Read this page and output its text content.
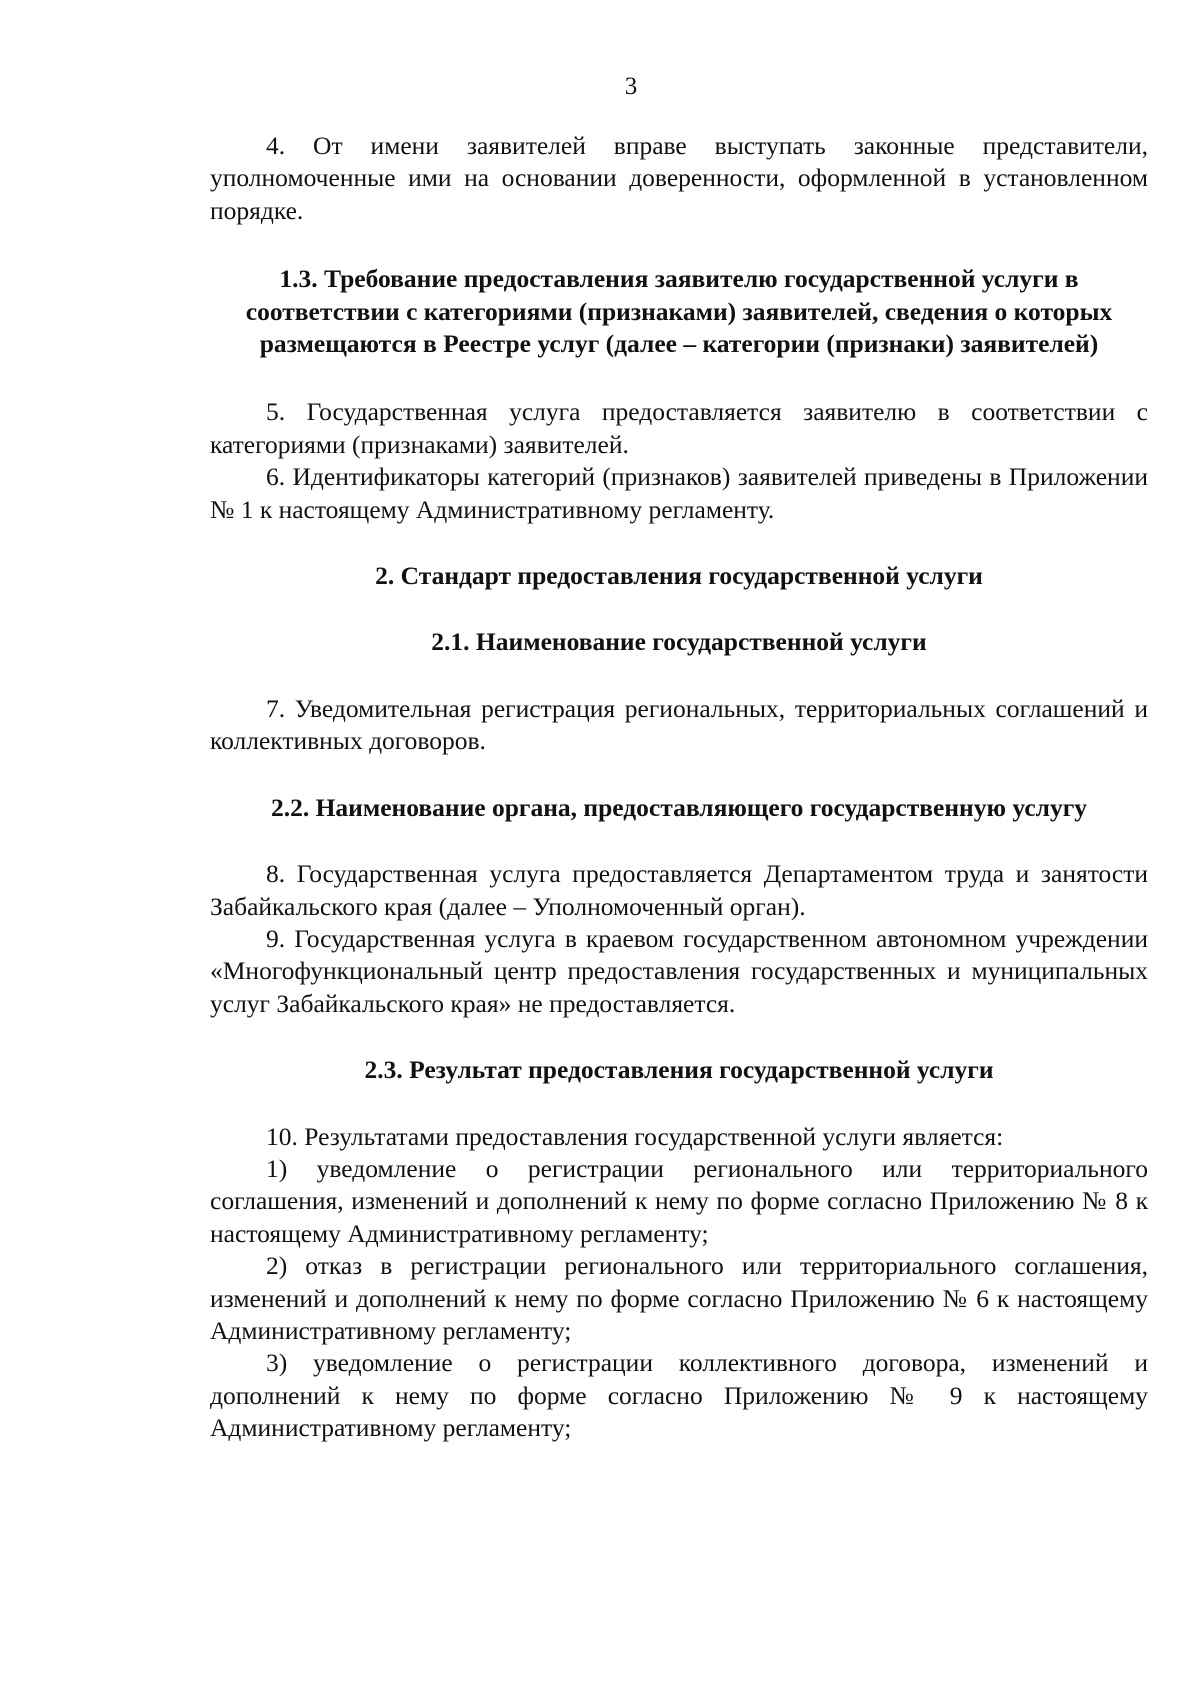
3

4. От имени заявителей вправе выступать законные представители, уполномоченные ими на основании доверенности, оформленной в установленном порядке.

1.3. Требование предоставления заявителю государственной услуги в соответствии с категориями (признаками) заявителей, сведения о которых размещаются в Реестре услуг (далее – категории (признаки) заявителей)

5. Государственная услуга предоставляется заявителю в соответствии с категориями (признаками) заявителей.

6. Идентификаторы категорий (признаков) заявителей приведены в Приложении № 1 к настоящему Административному регламенту.

2. Стандарт предоставления государственной услуги

2.1. Наименование государственной услуги

7. Уведомительная регистрация региональных, территориальных соглашений и коллективных договоров.

2.2. Наименование органа, предоставляющего государственную услугу

8. Государственная услуга предоставляется Департаментом труда и занятости Забайкальского края (далее – Уполномоченный орган).

9. Государственная услуга в краевом государственном автономном учреждении «Многофункциональный центр предоставления государственных и муниципальных услуг Забайкальского края» не предоставляется.

2.3. Результат предоставления государственной услуги

10. Результатами предоставления государственной услуги является:

1) уведомление о регистрации регионального или территориального соглашения, изменений и дополнений к нему по форме согласно Приложению № 8 к настоящему Административному регламенту;

2) отказ в регистрации регионального или территориального соглашения, изменений и дополнений к нему по форме согласно Приложению № 6 к настоящему Административному регламенту;

3) уведомление о регистрации коллективного договора, изменений и дополнений к нему по форме согласно Приложению № 9 к настоящему Административному регламенту;
